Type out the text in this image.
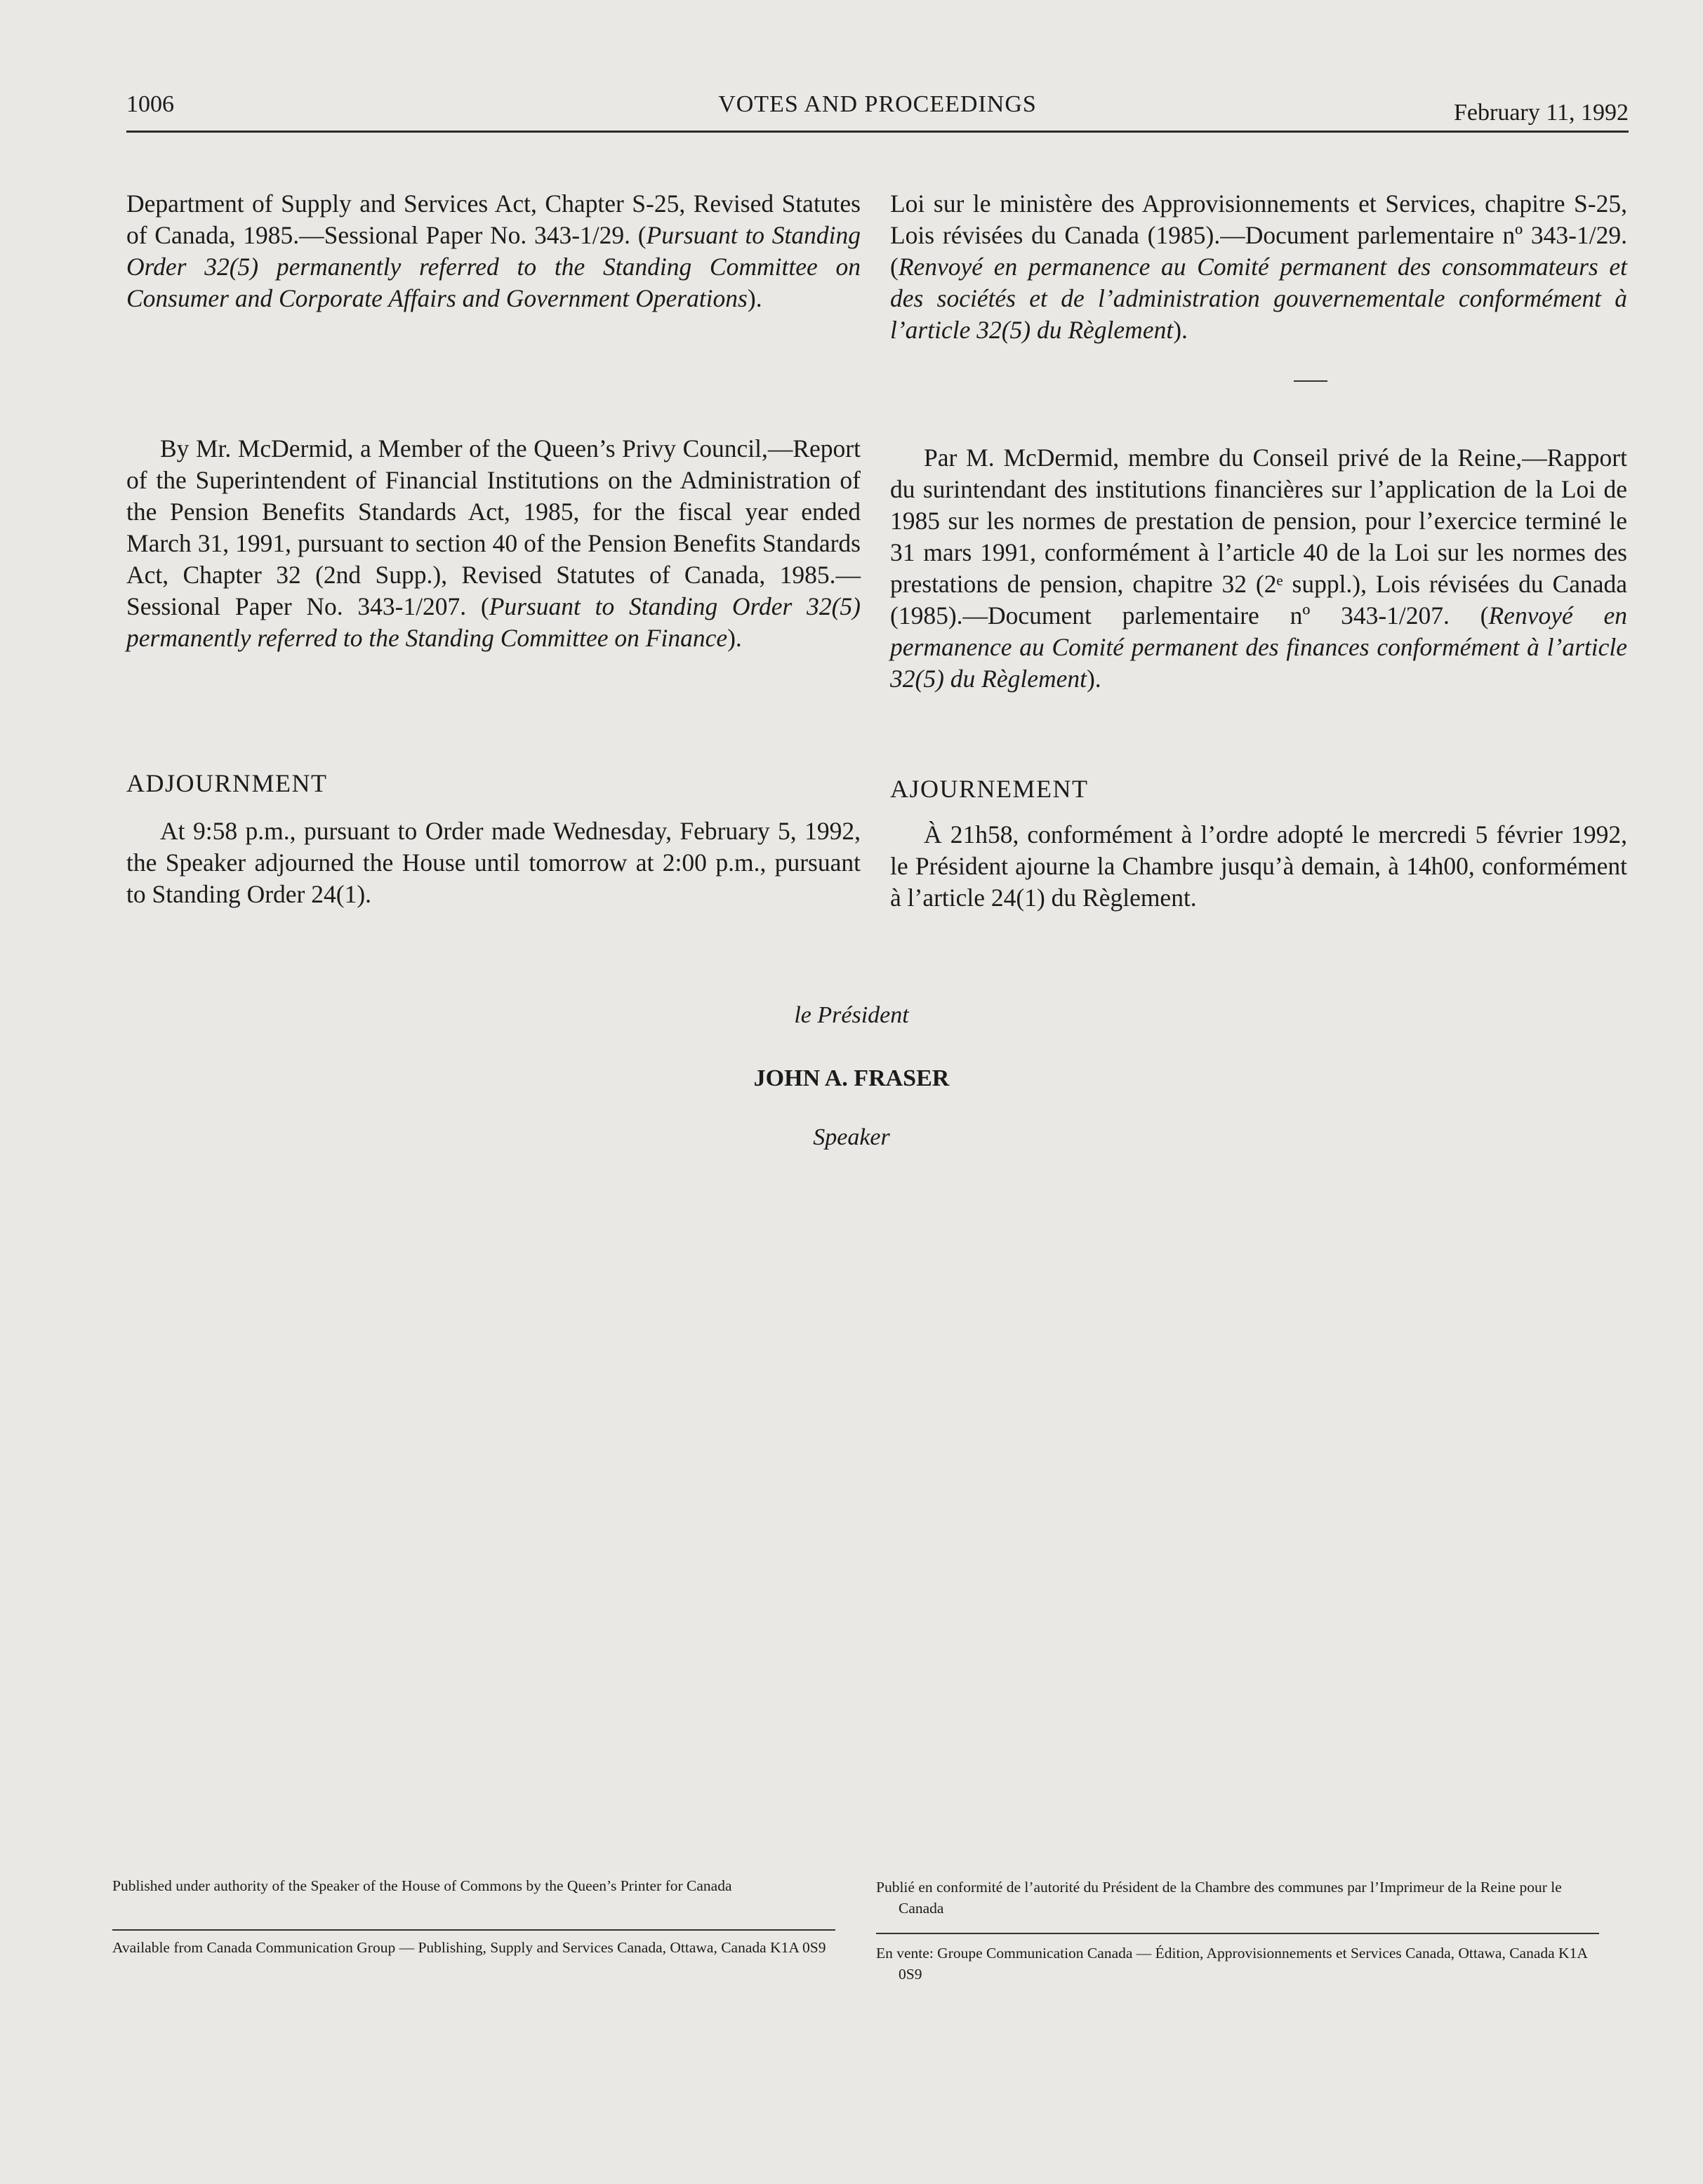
1006	VOTES AND PROCEEDINGS	February 11, 1992

Department of Supply and Services Act, Chapter S-25, Revised Statutes of Canada, 1985.—Sessional Paper No. 343-1/29. (Pursuant to Standing Order 32(5) permanently referred to the Standing Committee on Consumer and Corporate Affairs and Government Operations).

By Mr. McDermid, a Member of the Queen’s Privy Council,—Report of the Superintendent of Financial Institutions on the Administration of the Pension Benefits Standards Act, 1985, for the fiscal year ended March 31, 1991, pursuant to section 40 of the Pension Benefits Standards Act, Chapter 32 (2nd Supp.), Revised Statutes of Canada, 1985.—Sessional Paper No. 343-1/207. (Pursuant to Standing Order 32(5) permanently referred to the Standing Committee on Finance).

ADJOURNMENT

At 9:58 p.m., pursuant to Order made Wednesday, February 5, 1992, the Speaker adjourned the House until tomorrow at 2:00 p.m., pursuant to Standing Order 24(1).

Loi sur le ministère des Approvisionnements et Services, chapitre S-25, Lois révisées du Canada (1985).—Document parlementaire nº 343-1/29. (Renvoyé en permanence au Comité permanent des consommateurs et des sociétés et de l’administration gouvernementale conformément à l’article 32(5) du Règlement).

Par M. McDermid, membre du Conseil privé de la Reine,—Rapport du surintendant des institutions financières sur l’application de la Loi de 1985 sur les normes de prestation de pension, pour l’exercice terminé le 31 mars 1991, conformément à l’article 40 de la Loi sur les normes des prestations de pension, chapitre 32 (2ᵉ suppl.), Lois révisées du Canada (1985).—Document parlementaire nº 343-1/207. (Renvoyé en permanence au Comité permanent des finances conformément à l’article 32(5) du Règlement).

AJOURNEMENT

À 21h58, conformément à l’ordre adopté le mercredi 5 février 1992, le Président ajourne la Chambre jusqu’à demain, à 14h00, conformément à l’article 24(1) du Règlement.

le Président
JOHN A. FRASER
Speaker

Published under authority of the Speaker of the House of Commons by the Queen’s Printer for Canada

Available from Canada Communication Group — Publishing, Supply and Services Canada, Ottawa, Canada K1A 0S9

Publié en conformité de l’autorité du Président de la Chambre des communes par l’Imprimeur de la Reine pour le Canada

En vente: Groupe Communication Canada — Édition, Approvisionnements et Services Canada, Ottawa, Canada K1A 0S9
